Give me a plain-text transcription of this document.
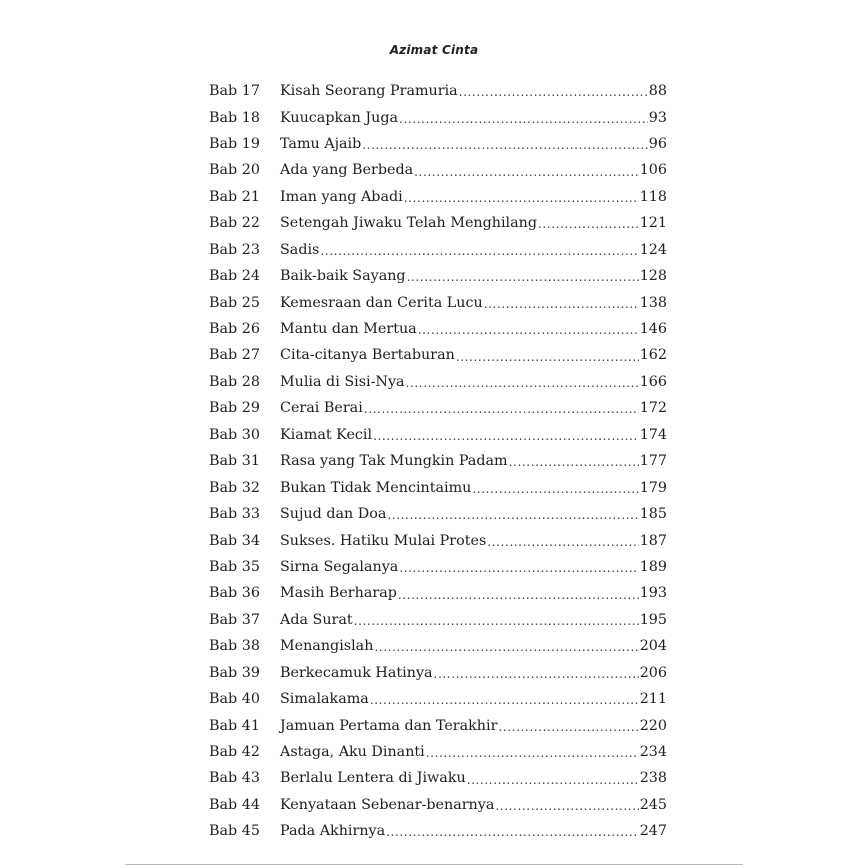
Azimat Cinta
Bab 17	Kisah Seorang Pramuria .....	88
Bab 18	Kuucapkan Juga .....	93
Bab 19	Tamu Ajaib .....	96
Bab 20	Ada yang Berbeda .....	106
Bab 21	Iman yang Abadi .....	118
Bab 22	Setengah Jiwaku Telah Menghilang .....	121
Bab 23	Sadis .....	124
Bab 24	Baik-baik Sayang .....	128
Bab 25	Kemesraan dan Cerita Lucu .....	138
Bab 26	Mantu dan Mertua .....	146
Bab 27	Cita-citanya Bertaburan .....	162
Bab 28	Mulia di Sisi-Nya .....	166
Bab 29	Cerai Berai .....	172
Bab 30	Kiamat Kecil .....	174
Bab 31	Rasa yang Tak Mungkin Padam .....	177
Bab 32	Bukan Tidak Mencintaimu .....	179
Bab 33	Sujud dan Doa .....	185
Bab 34	Sukses. Hatiku Mulai Protes .....	187
Bab 35	Sirna Segalanya .....	189
Bab 36	Masih Berharap .....	193
Bab 37	Ada Surat .....	195
Bab 38	Menangislah .....	204
Bab 39	Berkecamuk Hatinya .....	206
Bab 40	Simalakama .....	211
Bab 41	Jamuan Pertama dan Terakhir .....	220
Bab 42	Astaga, Aku Dinanti .....	234
Bab 43	Berlalu Lentera di Jiwaku .....	238
Bab 44	Kenyataan Sebenar-benarnya .....	245
Bab 45	Pada Akhirnya .....	247
